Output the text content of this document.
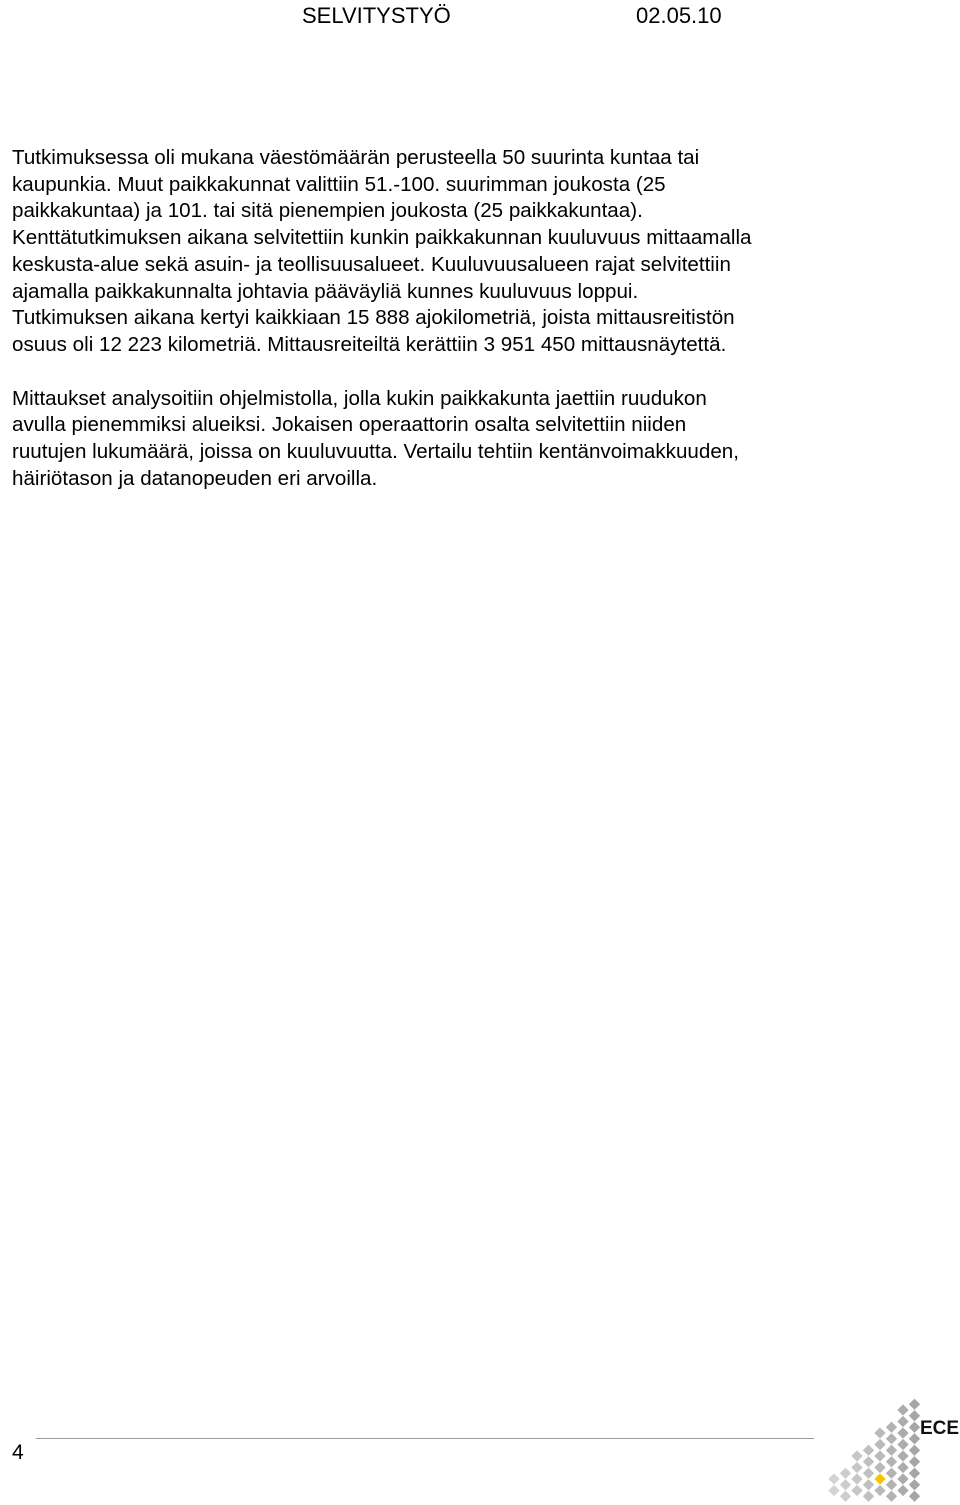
SELVITYSTYÖ	02.05.10
Tutkimuksessa oli mukana väestömäärän perusteella 50 suurinta kuntaa tai
kaupunkia. Muut paikkakunnat valittiin 51.-100. suurimman joukosta (25
paikkakuntaa) ja 101. tai sitä pienempien joukosta (25 paikkakuntaa).
Kenttätutkimuksen aikana selvitettiin kunkin paikkakunnan kuuluvuus mittaamalla
keskusta-alue sekä asuin- ja teollisuusalueet. Kuuluvuusalueen rajat selvitettiin
ajamalla paikkakunnalta johtavia pääväyliä kunnes kuuluvuus loppui.
Tutkimuksen aikana kertyi kaikkiaan 15 888 ajokilometriä, joista mittausreitistön
osuus oli 12 223 kilometriä. Mittausreiteiltä kerättiin 3 951 450 mittausnäytettä.
Mittaukset analysoitiin ohjelmistolla, jolla kukin paikkakunta jaettiin ruudukon
avulla pienemmiksi alueiksi. Jokaisen operaattorin osalta selvitettiin niiden
ruutujen lukumäärä, joissa on kuuluvuutta. Vertailu tehtiin kentänvoimakkuuden,
häiriötason ja datanopeuden eri arvoilla.
4
ECE
